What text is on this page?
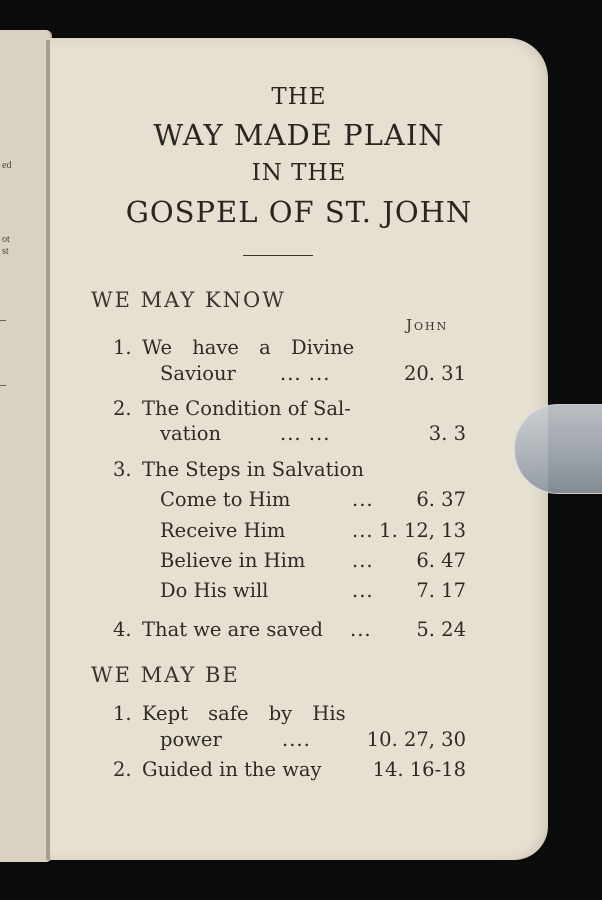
ed
ot
st
THE
WAY MADE PLAIN
IN THE
GOSPEL OF ST. JOHN
WE MAY KNOW
John
1. We have a Divine
Saviour ... ...	20. 31
2. The Condition of Sal-
vation	... ...	3. 3
3. The Steps in Salvation
Come to Him	...	6. 37
Receive Him	... 1. 12, 13
Believe in Him ...	6. 47
Do His will	...	7. 17
4. That we are saved ...	5. 24
WE MAY BE
1. Kept safe by His
power	....	10. 27, 30
2. Guided in the way	14. 16-18
